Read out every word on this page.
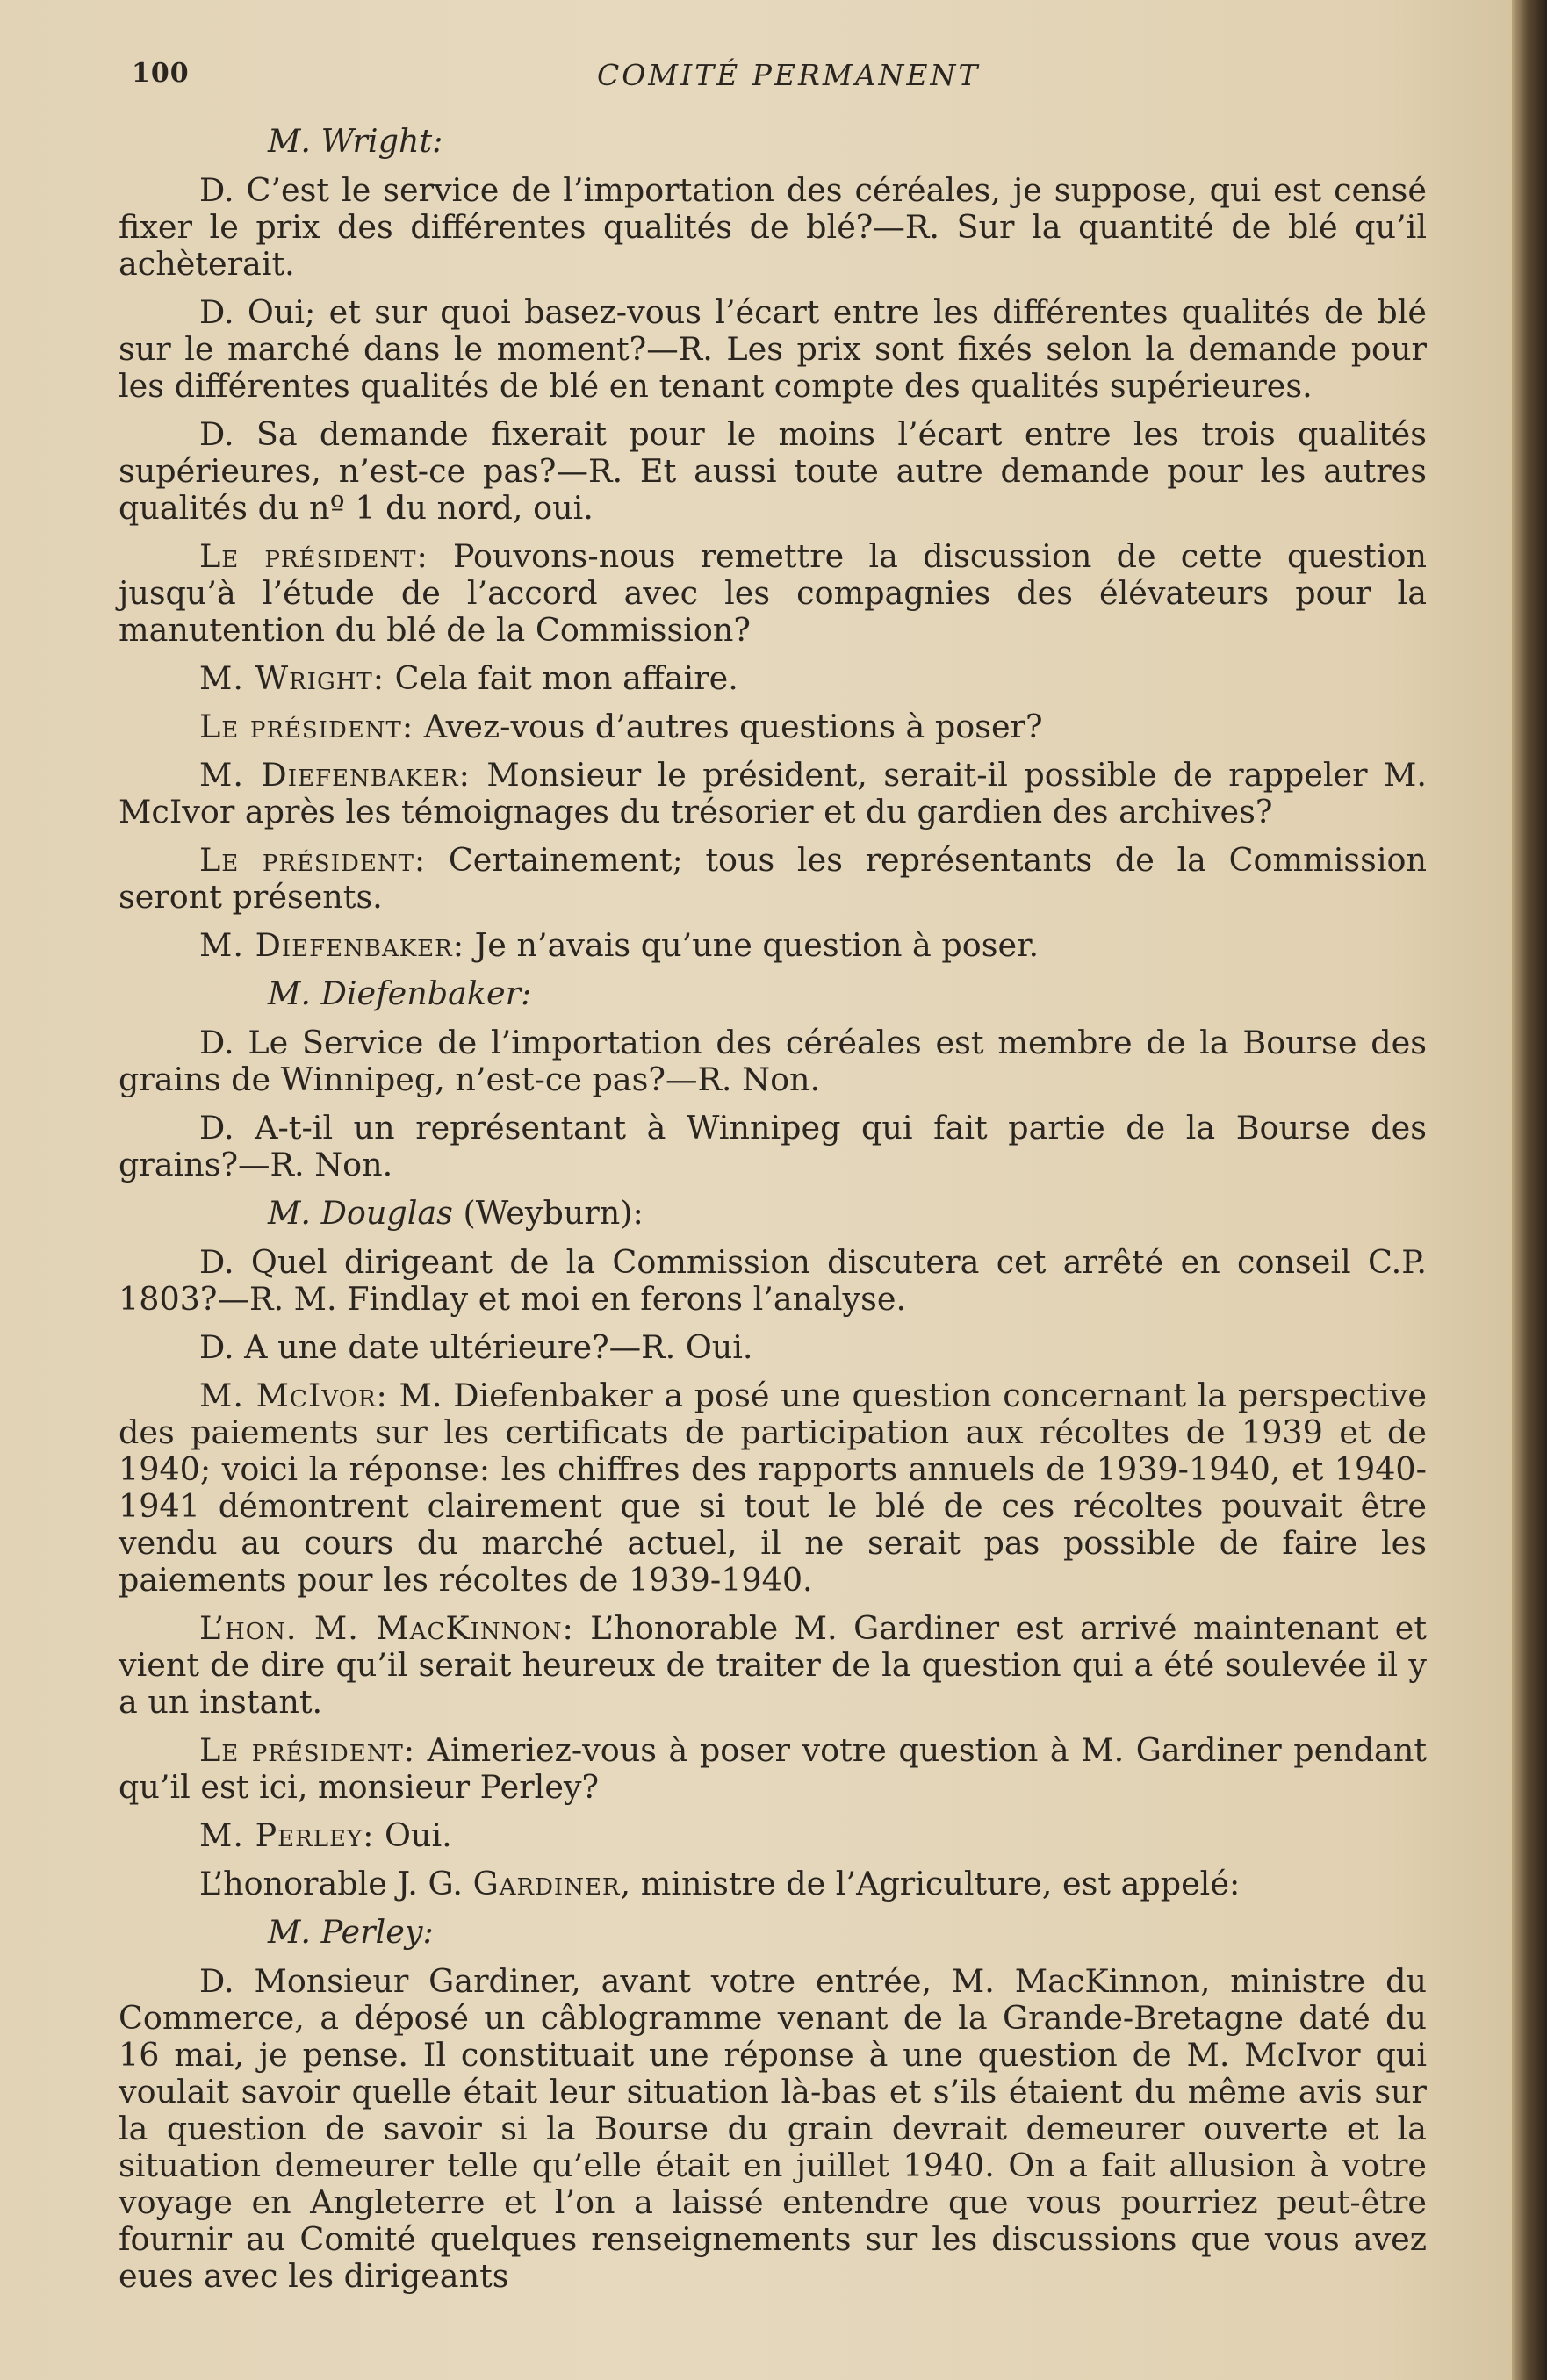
100	COMITÉ PERMANENT

M. Wright:

D. C’est le service de l’importation des céréales, je suppose, qui est censé fixer le prix des différentes qualités de blé?—R. Sur la quantité de blé qu’il achèterait.

D. Oui; et sur quoi basez-vous l’écart entre les différentes qualités de blé sur le marché dans le moment?—R. Les prix sont fixés selon la demande pour les différentes qualités de blé en tenant compte des qualités supérieures.

D. Sa demande fixerait pour le moins l’écart entre les trois qualités supérieures, n’est-ce pas?—R. Et aussi toute autre demande pour les autres qualités du nº 1 du nord, oui.

Le président: Pouvons-nous remettre la discussion de cette question jusqu’à l’étude de l’accord avec les compagnies des élévateurs pour la manutention du blé de la Commission?

M. Wright: Cela fait mon affaire.

Le président: Avez-vous d’autres questions à poser?

M. Diefenbaker: Monsieur le président, serait-il possible de rappeler M. McIvor après les témoignages du trésorier et du gardien des archives?

Le président: Certainement; tous les représentants de la Commission seront présents.

M. Diefenbaker: Je n’avais qu’une question à poser.

M. Diefenbaker:

D. Le Service de l’importation des céréales est membre de la Bourse des grains de Winnipeg, n’est-ce pas?—R. Non.

D. A-t-il un représentant à Winnipeg qui fait partie de la Bourse des grains?—R. Non.

M. Douglas (Weyburn):

D. Quel dirigeant de la Commission discutera cet arrêté en conseil C.P. 1803?—R. M. Findlay et moi en ferons l’analyse.

D. A une date ultérieure?—R. Oui.

M. McIvor: M. Diefenbaker a posé une question concernant la perspective des paiements sur les certificats de participation aux récoltes de 1939 et de 1940; voici la réponse: les chiffres des rapports annuels de 1939-1940, et 1940-1941 démontrent clairement que si tout le blé de ces récoltes pouvait être vendu au cours du marché actuel, il ne serait pas possible de faire les paiements pour les récoltes de 1939-1940.

L’hon. M. MacKinnon: L’honorable M. Gardiner est arrivé maintenant et vient de dire qu’il serait heureux de traiter de la question qui a été soulevée il y a un instant.

Le président: Aimeriez-vous à poser votre question à M. Gardiner pendant qu’il est ici, monsieur Perley?

M. Perley: Oui.

L’honorable J. G. Gardiner, ministre de l’Agriculture, est appelé:

M. Perley:

D. Monsieur Gardiner, avant votre entrée, M. MacKinnon, ministre du Commerce, a déposé un câblogramme venant de la Grande-Bretagne daté du 16 mai, je pense. Il constituait une réponse à une question de M. McIvor qui voulait savoir quelle était leur situation là-bas et s’ils étaient du même avis sur la question de savoir si la Bourse du grain devrait demeurer ouverte et la situation demeurer telle qu’elle était en juillet 1940. On a fait allusion à votre voyage en Angleterre et l’on a laissé entendre que vous pourriez peut-être fournir au Comité quelques renseignements sur les discussions que vous avez eues avec les dirigeants
